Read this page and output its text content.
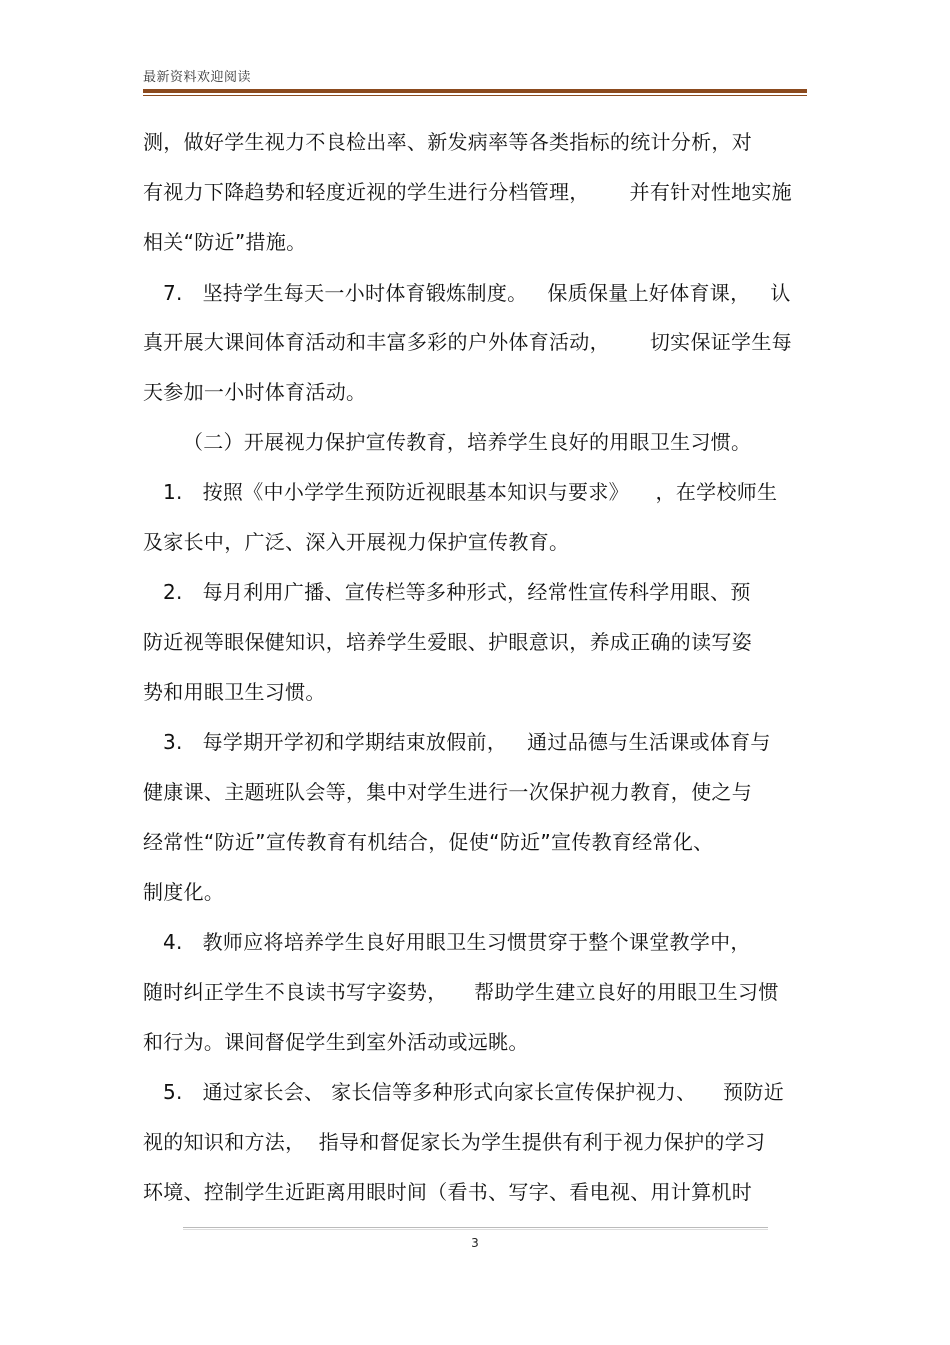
最新资料欢迎阅读
测，做好学生视力不良检出率、新发病率等各类指标的统计分析，对
有视力下降趋势和轻度近视的学生进行分档管理，      并有针对性地实施
相关“防近”措施。
7.   坚持学生每天一小时体育锻炼制度。   保质保量上好体育课，   认
真开展大课间体育活动和丰富多彩的户外体育活动，      切实保证学生每
天参加一小时体育活动。
（二）开展视力保护宣传教育，培养学生良好的用眼卫生习惯。
1.   按照《中小学学生预防近视眼基本知识与要求》    ，在学校师生
及家长中，广泛、深入开展视力保护宣传教育。
2.   每月利用广播、宣传栏等多种形式，经常性宣传科学用眼、预
防近视等眼保健知识，培养学生爱眼、护眼意识，养成正确的读写姿
势和用眼卫生习惯。
3.   每学期开学初和学期结束放假前，   通过品德与生活课或体育与
健康课、主题班队会等，集中对学生进行一次保护视力教育，使之与
经常性“防近”宣传教育有机结合，促使“防近”宣传教育经常化、
制度化。
4.   教师应将培养学生良好用眼卫生习惯贯穿于整个课堂教学中，
随时纠正学生不良读书写字姿势，    帮助学生建立良好的用眼卫生习惯
和行为。课间督促学生到室外活动或远眺。
5.   通过家长会、 家长信等多种形式向家长宣传保护视力、    预防近
视的知识和方法，  指导和督促家长为学生提供有利于视力保护的学习
环境、控制学生近距离用眼时间（看书、写字、看电视、用计算机时
3
